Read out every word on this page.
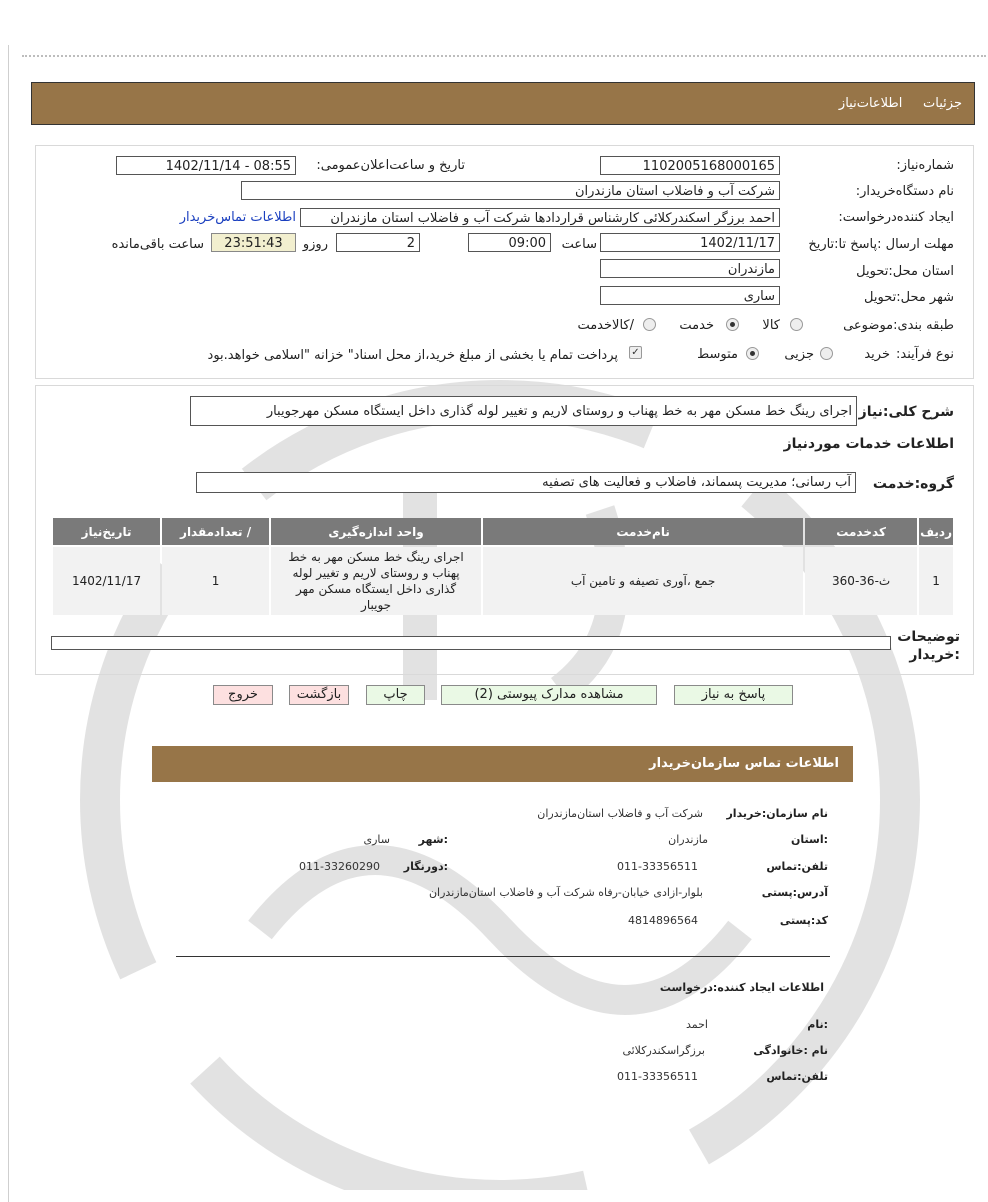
جزئیات     اطلاعات‌نیاز
شماره‌نیاز:
1102005168000165
تاریخ و ساعت‌اعلان‌عمومی:
1402/11/14 - 08:55
نام دستگاه‌خریدار:
شرکت آب و فاضلاب استان مازندران
ایجاد کننده‌درخواست:
احمد برزگر اسکندرکلائی کارشناس قراردادها شرکت آب و فاضلاب استان مازندران
اطلاعات تماس‌خریدار
مهلت ارسال :پاسخ تا:تاریخ
1402/11/17
ساعت
09:00
2
روزو
23:51:43
ساعت باقی‌مانده
استان محل:تحویل
مازندران
شهر محل:تحویل
ساری
طبقه بندی:موضوعی
کالا
خدمت
/کالاخدمت
نوع فرآیند:
خرید
جزیی
متوسط
✓
پرداخت تمام یا بخشی از مبلغ خرید،از محل اسناد" خزانه "اسلامی خواهد.بود
شرح کلی:نیاز
اجرای رینگ خط مسکن مهر به خط پهناب و روستای لاریم و تغییر لوله گذاری داخل ایستگاه مسکن مهرجویبار
اطلاعات خدمات موردنیاز
گروه:خدمت
آب رسانی؛ مدیریت پسماند، فاضلاب و فعالیت های تصفیه
ردیف	کدخدمت	نام‌خدمت	واحد اندازه‌گیری	/ تعدادمقدار	تاریخ‌نیاز
1	ث-36-360	جمع ،آوری تصیفه و تامین آب	اجرای رینگ خط مسکن مهر به خط پهناب و روستای لاریم و تغییر لوله گذاری داخل ایستگاه مسکن مهر جویبار	1	1402/11/17
توضیحات :خریدار
پاسخ به نیاز
مشاهده مدارک پیوستی (2)
چاپ
بازگشت
خروج
اطلاعات تماس سازمان‌خریدار
نام سازمان:خریدار
شرکت آب و فاضلاب استان‌مازندران
:استان
مازندران
:شهر
ساری
تلفن:تماس
011-33356511
:دورنگار
011-33260290
آدرس:پستی
بلوار-ازادی خیابان-رفاه شرکت آب و فاضلاب استان‌مازندران
کد:پستی
4814896564
اطلاعات ایجاد کننده:درخواست
:نام
احمد
نام :خانوادگی
برزگراسکندرکلائی
تلفن:تماس
011-33356511
